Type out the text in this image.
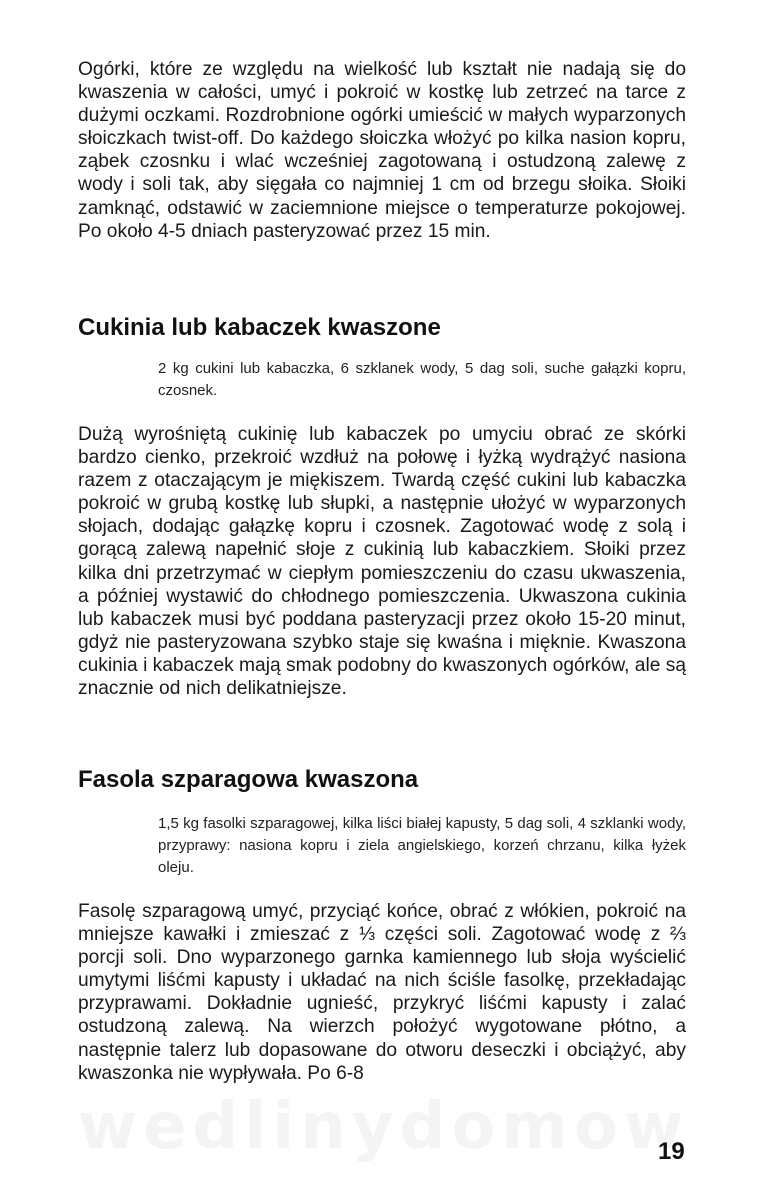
Ogórki, które ze względu na wielkość lub kształt nie nadają się do kwaszenia w całości, umyć i pokroić w kostkę lub zetrzeć na tarce z dużymi oczkami. Rozdrobnione ogórki umieścić w małych wyparzonych słoiczkach twist-off. Do każdego słoiczka włożyć po kilka nasion kopru, ząbek czosnku i wlać wcześniej zagotowaną i ostudzoną zalewę z wody i soli tak, aby sięgała co najmniej 1 cm od brzegu słoika. Słoiki zamknąć, odstawić w zaciemnione miejsce o temperaturze pokojowej. Po około 4-5 dniach pasteryzować przez 15 min.

Cukinia lub kabaczek kwaszone

2 kg cukini lub kabaczka, 6 szklanek wody, 5 dag soli, suche gałązki kopru, czosnek.

Dużą wyrośniętą cukinię lub kabaczek po umyciu obrać ze skórki bardzo cienko, przekroić wzdłuż na połowę i łyżką wydrążyć nasiona razem z otaczającym je miękiszem. Twardą część cukini lub kabaczka pokroić w grubą kostkę lub słupki, a następnie ułożyć w wyparzonych słojach, dodając gałązkę kopru i czosnek. Zagotować wodę z solą i gorącą zalewą napełnić słoje z cukinią lub kabaczkiem. Słoiki przez kilka dni przetrzymać w ciepłym pomieszczeniu do czasu ukwaszenia, a później wystawić do chłodnego pomieszczenia. Ukwaszona cukinia lub kabaczek musi być poddana pasteryzacji przez około 15-20 minut, gdyż nie pasteryzowana szybko staje się kwaśna i mięknie. Kwaszona cukinia i kabaczek mają smak podobny do kwaszonych ogórków, ale są znacznie od nich delikatniejsze.

Fasola szparagowa kwaszona

1,5 kg fasolki szparagowej, kilka liści białej kapusty, 5 dag soli, 4 szklanki wody, przyprawy: nasiona kopru i ziela angielskiego, korzeń chrzanu, kilka łyżek oleju.

Fasolę szparagową umyć, przyciąć końce, obrać z włókien, pokroić na mniejsze kawałki i zmieszać z ⅓ części soli. Zagotować wodę z ⅔ porcji soli. Dno wyparzonego garnka kamiennego lub słoja wyścielić umytymi liśćmi kapusty i układać na nich ściśle fasolkę, przekładając przyprawami. Dokładnie ugnieść, przykryć liśćmi kapusty i zalać ostudzoną zalewą. Na wierzch położyć wygotowane płótno, a następnie talerz lub dopasowane do otworu deseczki i obciążyć, aby kwaszonka nie wypływała. Po 6-8

19
